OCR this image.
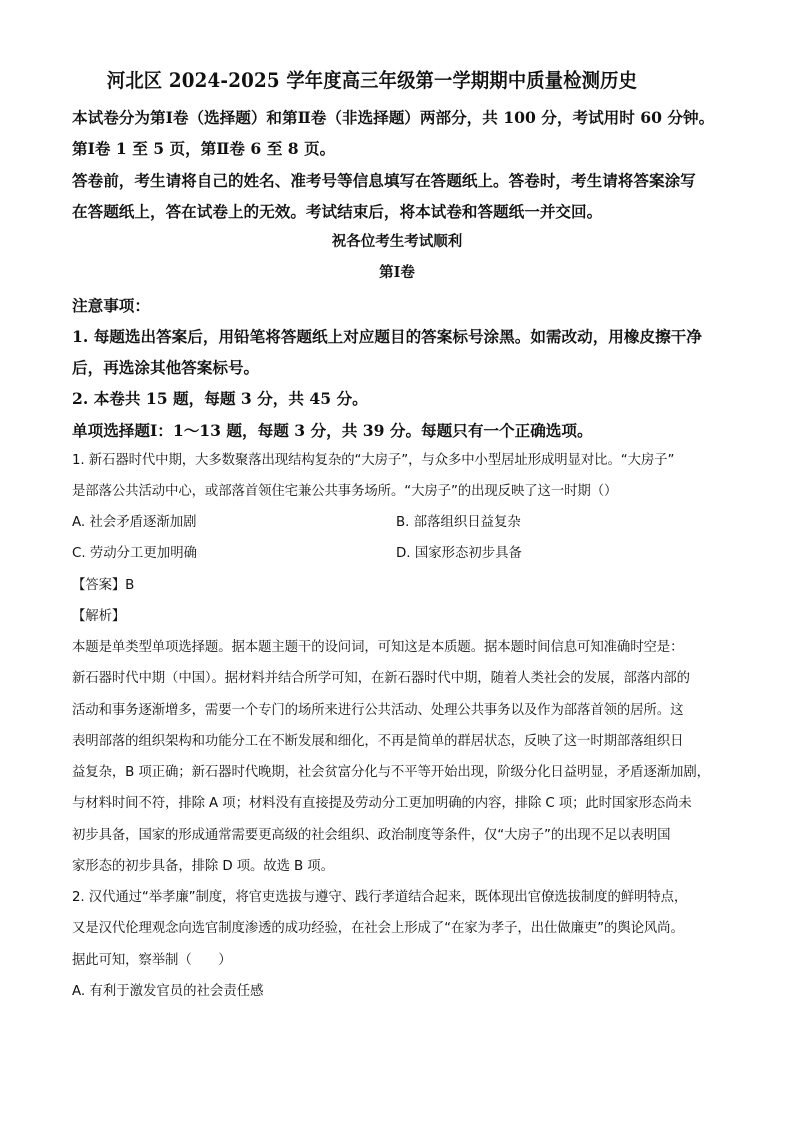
河北区 2024-2025 学年度高三年级第一学期期中质量检测历史
本试卷分为第Ⅰ卷（选择题）和第Ⅱ卷（非选择题）两部分，共 100 分，考试用时 60 分钟。
第Ⅰ卷 1 至 5 页，第Ⅱ卷 6 至 8 页。
答卷前，考生请将自己的姓名、准考号等信息填写在答题纸上。答卷时，考生请将答案涂写
在答题纸上，答在试卷上的无效。考试结束后，将本试卷和答题纸一并交回。
祝各位考生考试顺利
第Ⅰ卷
注意事项：
1. 每题选出答案后，用铅笔将答题纸上对应题目的答案标号涂黑。如需改动，用橡皮擦干净
后，再选涂其他答案标号。
2. 本卷共 15 题，每题 3 分，共 45 分。
单项选择题Ⅰ：1～13 题，每题 3 分，共 39 分。每题只有一个正确选项。
1. 新石器时代中期，大多数聚落出现结构复杂的“大房子”，与众多中小型居址形成明显对比。“大房子”
是部落公共活动中心，或部落首领住宅兼公共事务场所。“大房子”的出现反映了这一时期（）
A. 社会矛盾逐渐加剧	B. 部落组织日益复杂
C. 劳动分工更加明确	D. 国家形态初步具备
【答案】B
【解析】
本题是单类型单项选择题。据本题主题干的设问词，可知这是本质题。据本题时间信息可知准确时空是：
新石器时代中期（中国）。据材料并结合所学可知，在新石器时代中期，随着人类社会的发展，部落内部的
活动和事务逐渐增多，需要一个专门的场所来进行公共活动、处理公共事务以及作为部落首领的居所。这
表明部落的组织架构和功能分工在不断发展和细化，不再是简单的群居状态，反映了这一时期部落组织日
益复杂，B 项正确；新石器时代晚期，社会贫富分化与不平等开始出现，阶级分化日益明显，矛盾逐渐加剧，
与材料时间不符，排除 A 项；材料没有直接提及劳动分工更加明确的内容，排除 C 项；此时国家形态尚未
初步具备，国家的形成通常需要更高级的社会组织、政治制度等条件，仅“大房子”的出现不足以表明国
家形态的初步具备，排除 D 项。故选 B 项。
2. 汉代通过“举孝廉”制度，将官吏选拔与遵守、践行孝道结合起来，既体现出官僚选拔制度的鲜明特点，
又是汉代伦理观念向选官制度渗透的成功经验，在社会上形成了“在家为孝子，出仕做廉吏”的舆论风尚。
据此可知，察举制（　　）
A. 有利于激发官员的社会责任感
